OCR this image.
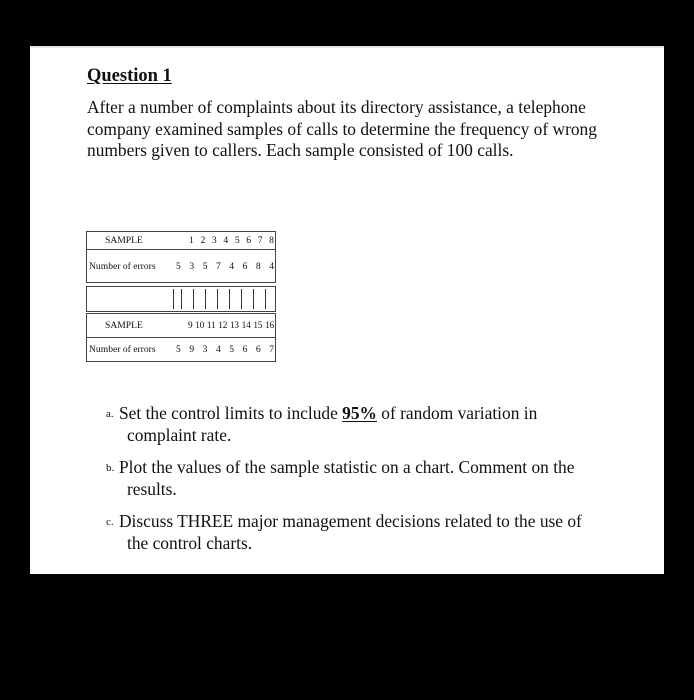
Question 1

After a number of complaints about its directory assistance, a telephone company examined samples of calls to determine the frequency of wrong numbers given to callers. Each sample consisted of 100 calls.

SAMPLE	1 2 3 4 5 6 7 8
Number of errors	5 3 5 7 4 6 8 4
SAMPLE	9 10 11 12 13 14 15 16
Number of errors	5 9 3 4 5 6 6 7
a. Set the control limits to include 95% of random variation in complaint rate.
b. Plot the values of the sample statistic on a chart. Comment on the results.
c. Discuss THREE major management decisions related to the use of the control charts.
